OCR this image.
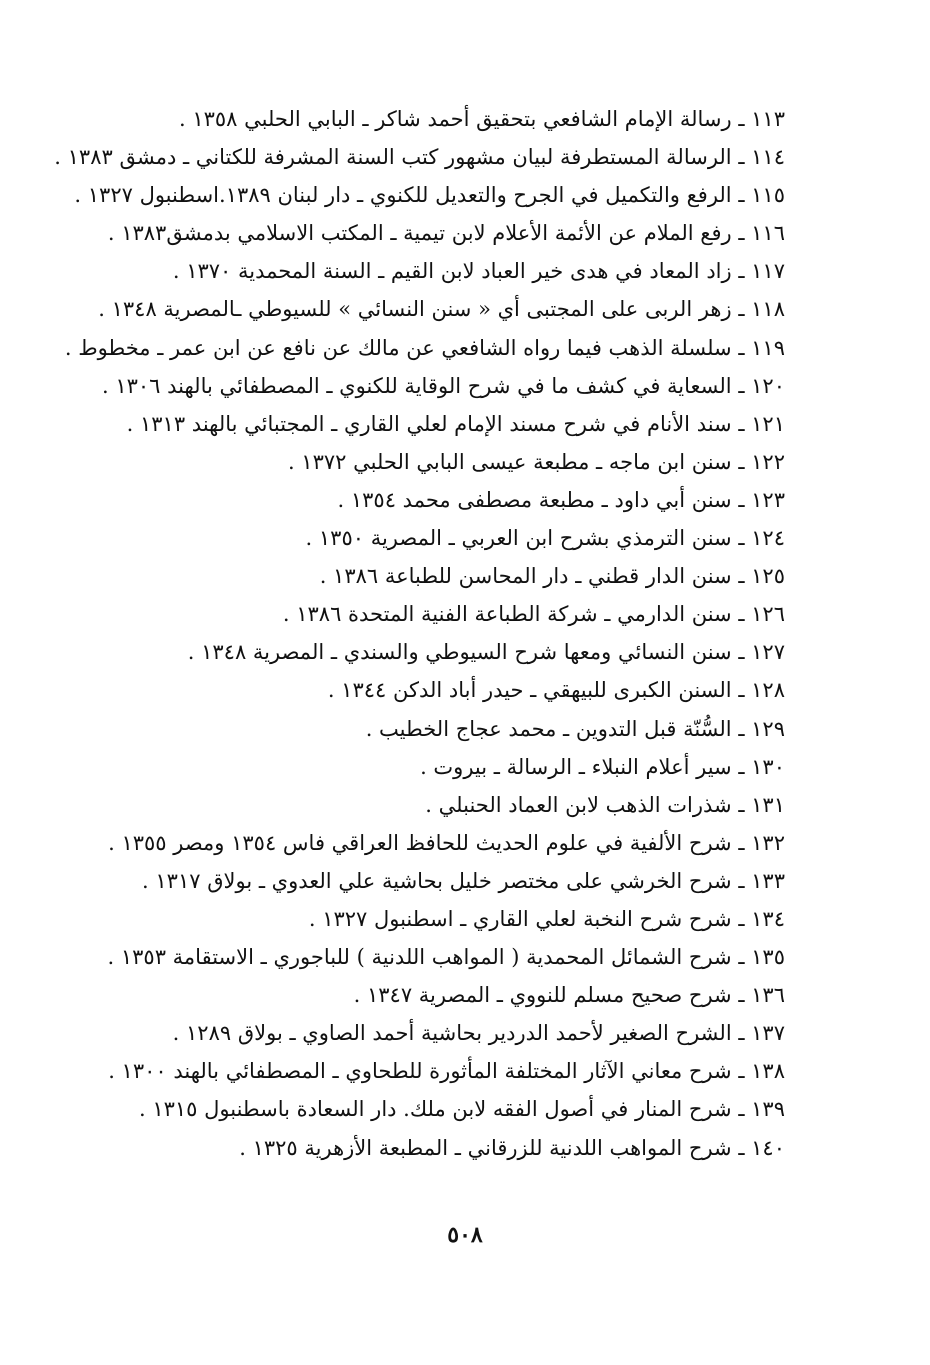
١١٣ ـ رسالة الإمام الشافعي بتحقيق أحمد شاكر ـ البابي الحلبي ١٣٥٨ .
١١٤ ـ الرسالة المستطرفة لبيان مشهور كتب السنة المشرفة للكتاني ـ دمشق ١٣٨٣ .
١١٥ ـ الرفع والتكميل في الجرح والتعديل للكنوي ـ دار لبنان ١٣٨٩.اسطنبول ١٣٢٧ .
١١٦ ـ رفع الملام عن الأئمة الأعلام لابن تيمية ـ المكتب الاسلامي بدمشق١٣٨٣ .
١١٧ ـ زاد المعاد في هدى خير العباد لابن القيم ـ السنة المحمدية ١٣٧٠ .
١١٨ ـ زهر الربى على المجتبى أي « سنن النسائي » للسيوطي ـالمصرية ١٣٤٨ .
١١٩ ـ سلسلة الذهب فيما رواه الشافعي عن مالك عن نافع عن ابن عمر ـ مخطوط .
١٢٠ ـ السعاية في كشف ما في شرح الوقاية للكنوي ـ المصطفائي بالهند ١٣٠٦ .
١٢١ ـ سند الأنام في شرح مسند الإمام لعلي القاري ـ المجتبائي بالهند ١٣١٣ .
١٢٢ ـ سنن ابن ماجه ـ مطبعة عيسى البابي الحلبي ١٣٧٢ .
١٢٣ ـ سنن أبي داود ـ مطبعة مصطفى محمد ١٣٥٤ .
١٢٤ ـ سنن الترمذي بشرح ابن العربي ـ المصرية ١٣٥٠ .
١٢٥ ـ سنن الدار قطني ـ دار المحاسن للطباعة ١٣٨٦ .
١٢٦ ـ سنن الدارمي ـ شركة الطباعة الفنية المتحدة ١٣٨٦ .
١٢٧ ـ سنن النسائي ومعها شرح السيوطي والسندي ـ المصرية ١٣٤٨ .
١٢٨ ـ السنن الكبرى للبيهقي ـ حيدر أباد الدكن ١٣٤٤ .
١٢٩ ـ السُّنّة قبل التدوين ـ محمد عجاج الخطيب .
١٣٠ ـ سير أعلام النبلاء ـ الرسالة ـ بيروت .
١٣١ ـ شذرات الذهب لابن العماد الحنبلي .
١٣٢ ـ شرح الألفية في علوم الحديث للحافظ العراقي فاس ١٣٥٤ ومصر ١٣٥٥ .
١٣٣ ـ شرح الخرشي على مختصر خليل بحاشية علي العدوي ـ بولاق ١٣١٧ .
١٣٤ ـ شرح شرح النخبة لعلي القاري ـ اسطنبول ١٣٢٧ .
١٣٥ ـ شرح الشمائل المحمدية ( المواهب اللدنية ) للباجوري ـ الاستقامة ١٣٥٣ .
١٣٦ ـ شرح صحيح مسلم للنووي ـ المصرية ١٣٤٧ .
١٣٧ ـ الشرح الصغير لأحمد الدردير بحاشية أحمد الصاوي ـ بولاق ١٢٨٩ .
١٣٨ ـ شرح معاني الآثار المختلفة المأثورة للطحاوي ـ المصطفائي بالهند ١٣٠٠ .
١٣٩ ـ شرح المنار في أصول الفقه لابن ملك. دار السعادة باسطنبول ١٣١٥ .
١٤٠ ـ شرح المواهب اللدنية للزرقاني ـ المطبعة الأزهرية ١٣٢٥ .
٥٠٨
